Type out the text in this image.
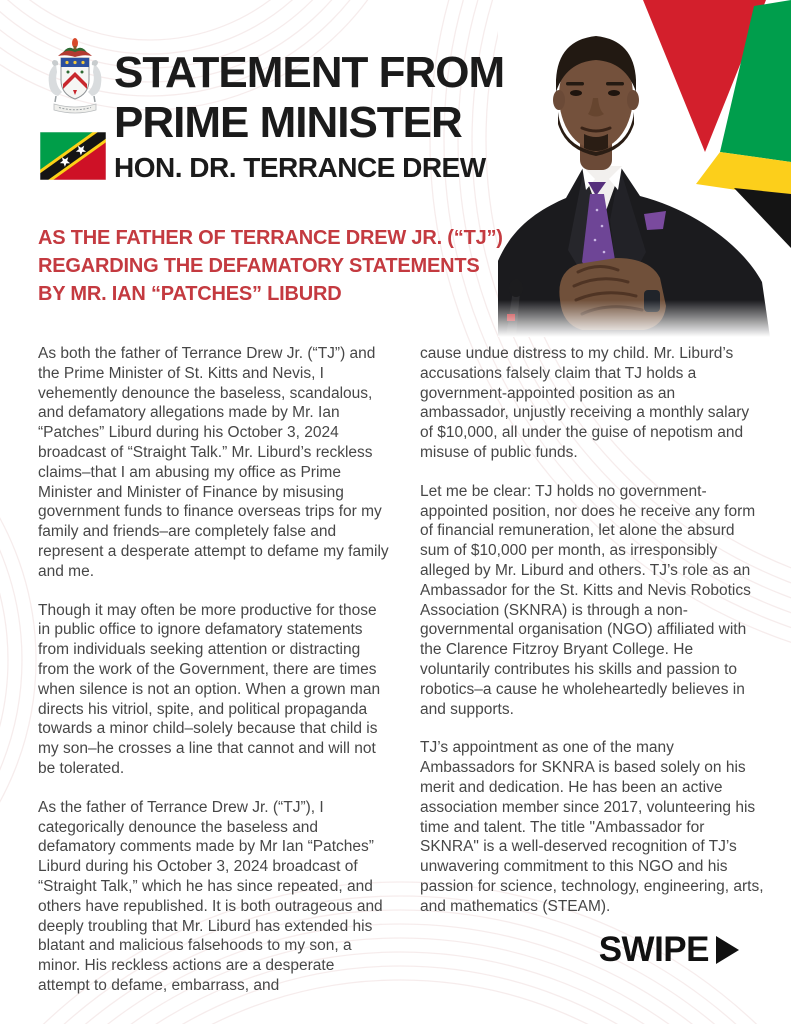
STATEMENT FROM
PRIME MINISTER
HON. DR. TERRANCE DREW
AS THE FATHER OF TERRANCE DREW JR. (“TJ”)
REGARDING THE DEFAMATORY STATEMENTS
BY MR. IAN “PATCHES” LIBURD

As both the father of Terrance Drew Jr. (“TJ”) and the Prime Minister of St. Kitts and Nevis, I vehemently denounce the baseless, scandalous, and defamatory allegations made by Mr. Ian “Patches” Liburd during his October 3, 2024 broadcast of “Straight Talk.” Mr. Liburd’s reckless claims–that I am abusing my office as Prime Minister and Minister of Finance by misusing government funds to finance overseas trips for my family and friends–are completely false and represent a desperate attempt to defame my family and me.

Though it may often be more productive for those in public office to ignore defamatory statements from individuals seeking attention or distracting from the work of the Government, there are times when silence is not an option. When a grown man directs his vitriol, spite, and political propaganda towards a minor child–solely because that child is my son–he crosses a line that cannot and will not be tolerated.

As the father of Terrance Drew Jr. (“TJ”), I categorically denounce the baseless and defamatory comments made by Mr Ian “Patches” Liburd during his October 3, 2024 broadcast of “Straight Talk,” which he has since repeated, and others have republished. It is both outrageous and deeply troubling that Mr. Liburd has extended his blatant and malicious falsehoods to my son, a minor. His reckless actions are a desperate attempt to defame, embarrass, and

cause undue distress to my child. Mr. Liburd’s accusations falsely claim that TJ holds a government-appointed position as an ambassador, unjustly receiving a monthly salary of $10,000, all under the guise of nepotism and misuse of public funds.

Let me be clear: TJ holds no government-appointed position, nor does he receive any form of financial remuneration, let alone the absurd sum of $10,000 per month, as irresponsibly alleged by Mr. Liburd and others. TJ’s role as an Ambassador for the St. Kitts and Nevis Robotics Association (SKNRA) is through a non-governmental organisation (NGO) affiliated with the Clarence Fitzroy Bryant College. He voluntarily contributes his skills and passion to robotics–a cause he wholeheartedly believes in and supports.

TJ’s appointment as one of the many Ambassadors for SKNRA is based solely on his merit and dedication. He has been an active association member since 2017, volunteering his time and talent. The title "Ambassador for SKNRA" is a well-deserved recognition of TJ’s unwavering commitment to this NGO and his passion for science, technology, engineering, arts, and mathematics (STEAM).

SWIPE
